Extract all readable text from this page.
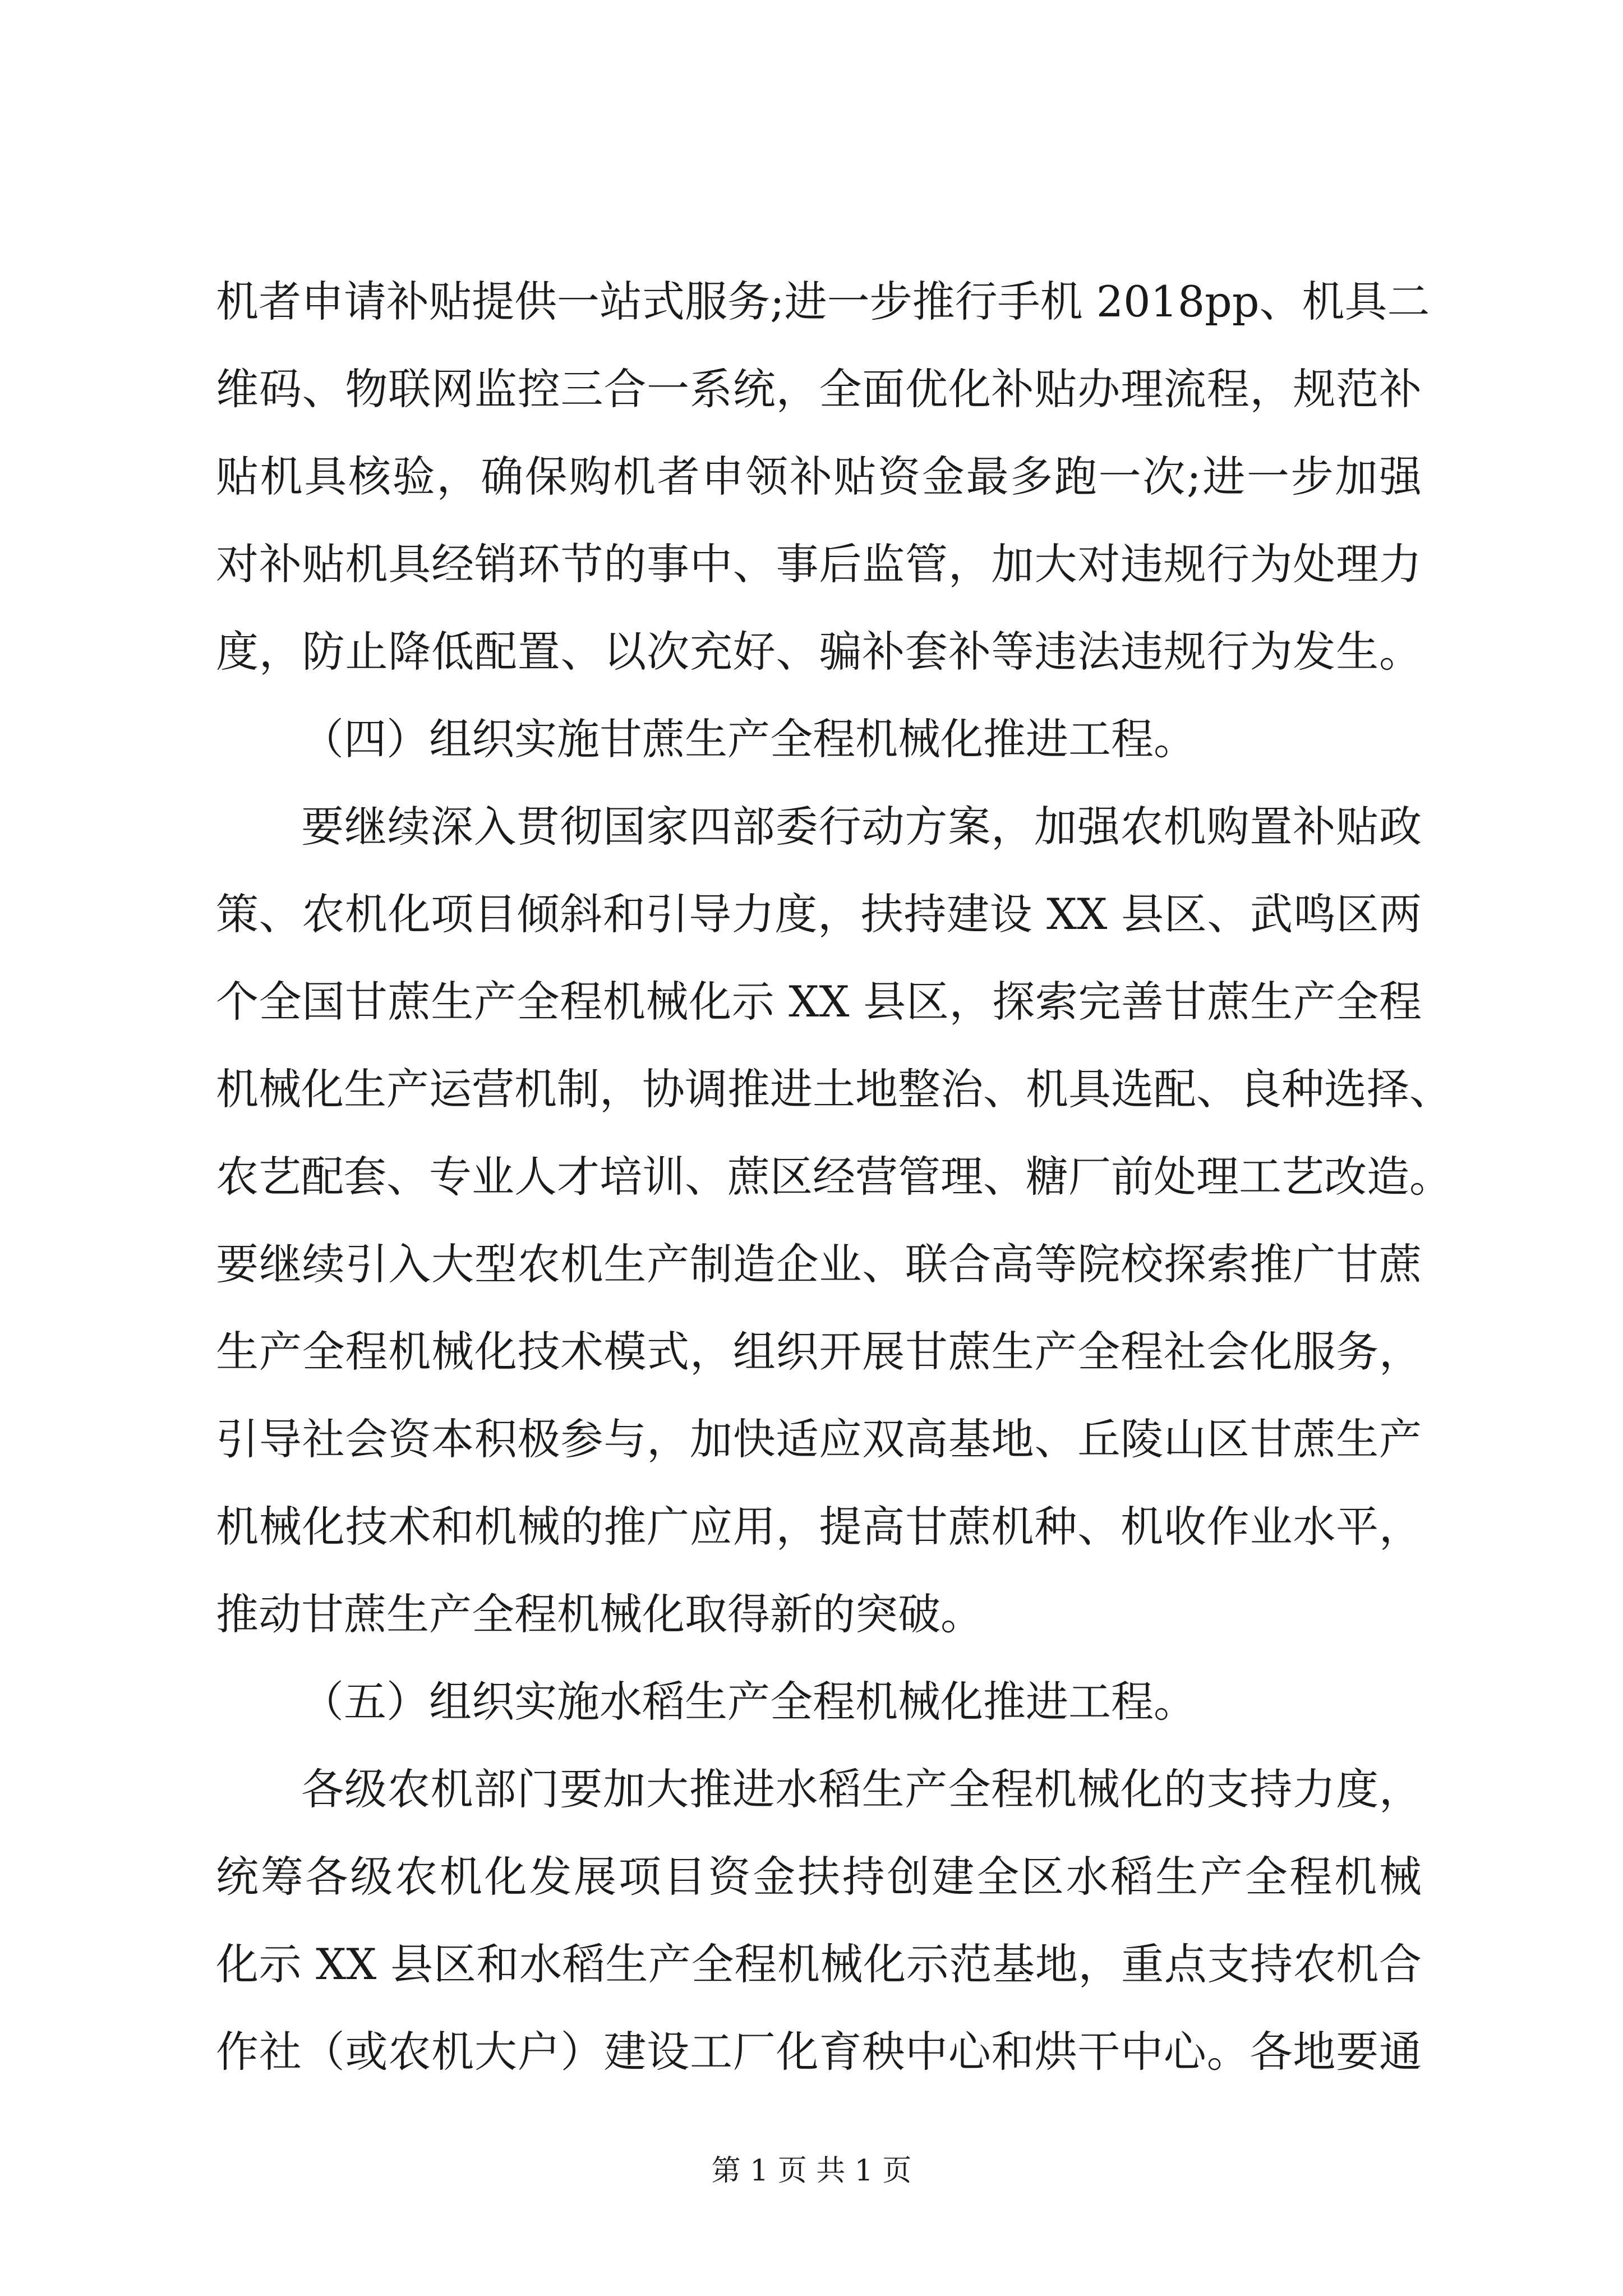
机者申请补贴提供一站式服务;进一步推行手机 2018pp、机具二
维码、物联网监控三合一系统，全面优化补贴办理流程，规范补
贴机具核验，确保购机者申领补贴资金最多跑一次;进一步加强
对补贴机具经销环节的事中、事后监管，加大对违规行为处理力
度，防止降低配置、以次充好、骗补套补等违法违规行为发生。
（四）组织实施甘蔗生产全程机械化推进工程。
要继续深入贯彻国家四部委行动方案，加强农机购置补贴政
策、农机化项目倾斜和引导力度，扶持建设 XX 县区、武鸣区两
个全国甘蔗生产全程机械化示 XX 县区，探索完善甘蔗生产全程
机械化生产运营机制，协调推进土地整治、机具选配、良种选择、
农艺配套、专业人才培训、蔗区经营管理、糖厂前处理工艺改造。
要继续引入大型农机生产制造企业、联合高等院校探索推广甘蔗
生产全程机械化技术模式，组织开展甘蔗生产全程社会化服务，
引导社会资本积极参与，加快适应双高基地、丘陵山区甘蔗生产
机械化技术和机械的推广应用，提高甘蔗机种、机收作业水平，
推动甘蔗生产全程机械化取得新的突破。
（五）组织实施水稻生产全程机械化推进工程。
各级农机部门要加大推进水稻生产全程机械化的支持力度，
统筹各级农机化发展项目资金扶持创建全区水稻生产全程机械
化示 XX 县区和水稻生产全程机械化示范基地，重点支持农机合
作社（或农机大户）建设工厂化育秧中心和烘干中心。各地要通
第 1 页 共 1 页
